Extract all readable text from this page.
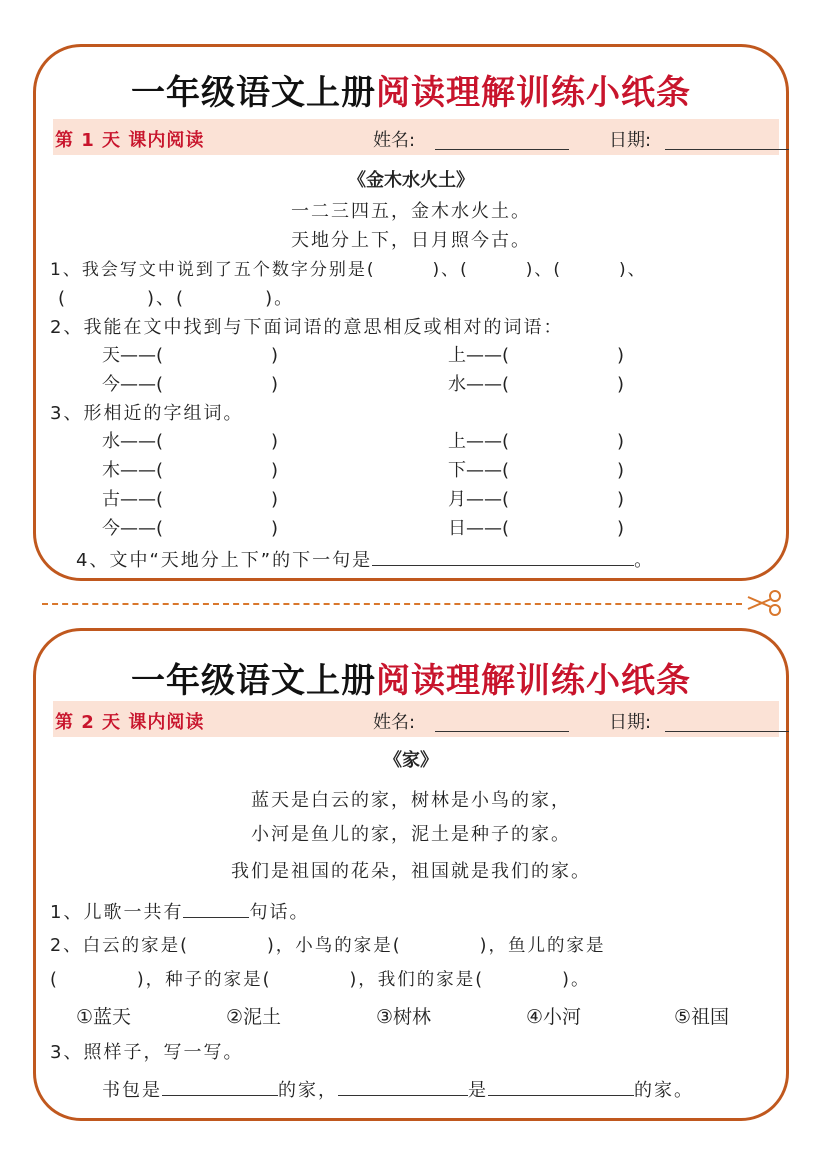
一年级语文上册阅读理解训练小纸条
第 1 天 课内阅读	姓名:	日期:
《金木水火土》
一二三四五，金木水火土。
天地分上下，日月照今古。
1、我会写文中说到了五个数字分别是(　　　)、(　　　)、(　　　)、
(　　　　)、(　　　　)。
2、我能在文中找到与下面词语的意思相反或相对的词语：
天——(　　　　　　)	上——(　　　　　　)
今——(　　　　　　)	水——(　　　　　　)
3、形相近的字组词。
水——(　　　　　　)	上——(　　　　　　)
木——(　　　　　　)	下——(　　　　　　)
古——(　　　　　　)	月——(　　　　　　)
今——(　　　　　　)	日——(　　　　　　)
4、文中“天地分上下”的下一句是	。
一年级语文上册阅读理解训练小纸条
第 2 天 课内阅读	姓名:	日期:
《家》
蓝天是白云的家，树林是小鸟的家，
小河是鱼儿的家，泥土是种子的家。
我们是祖国的花朵，祖国就是我们的家。
1、儿歌一共有	句话。
2、白云的家是(　　　　)，小鸟的家是(　　　　)，鱼儿的家是
(　　　　)，种子的家是(　　　　)，我们的家是(　　　　)。
①蓝天	②泥土	③树林	④小河	⑤祖国
3、照样子，写一写。
书包是	的家，	是	的家。
